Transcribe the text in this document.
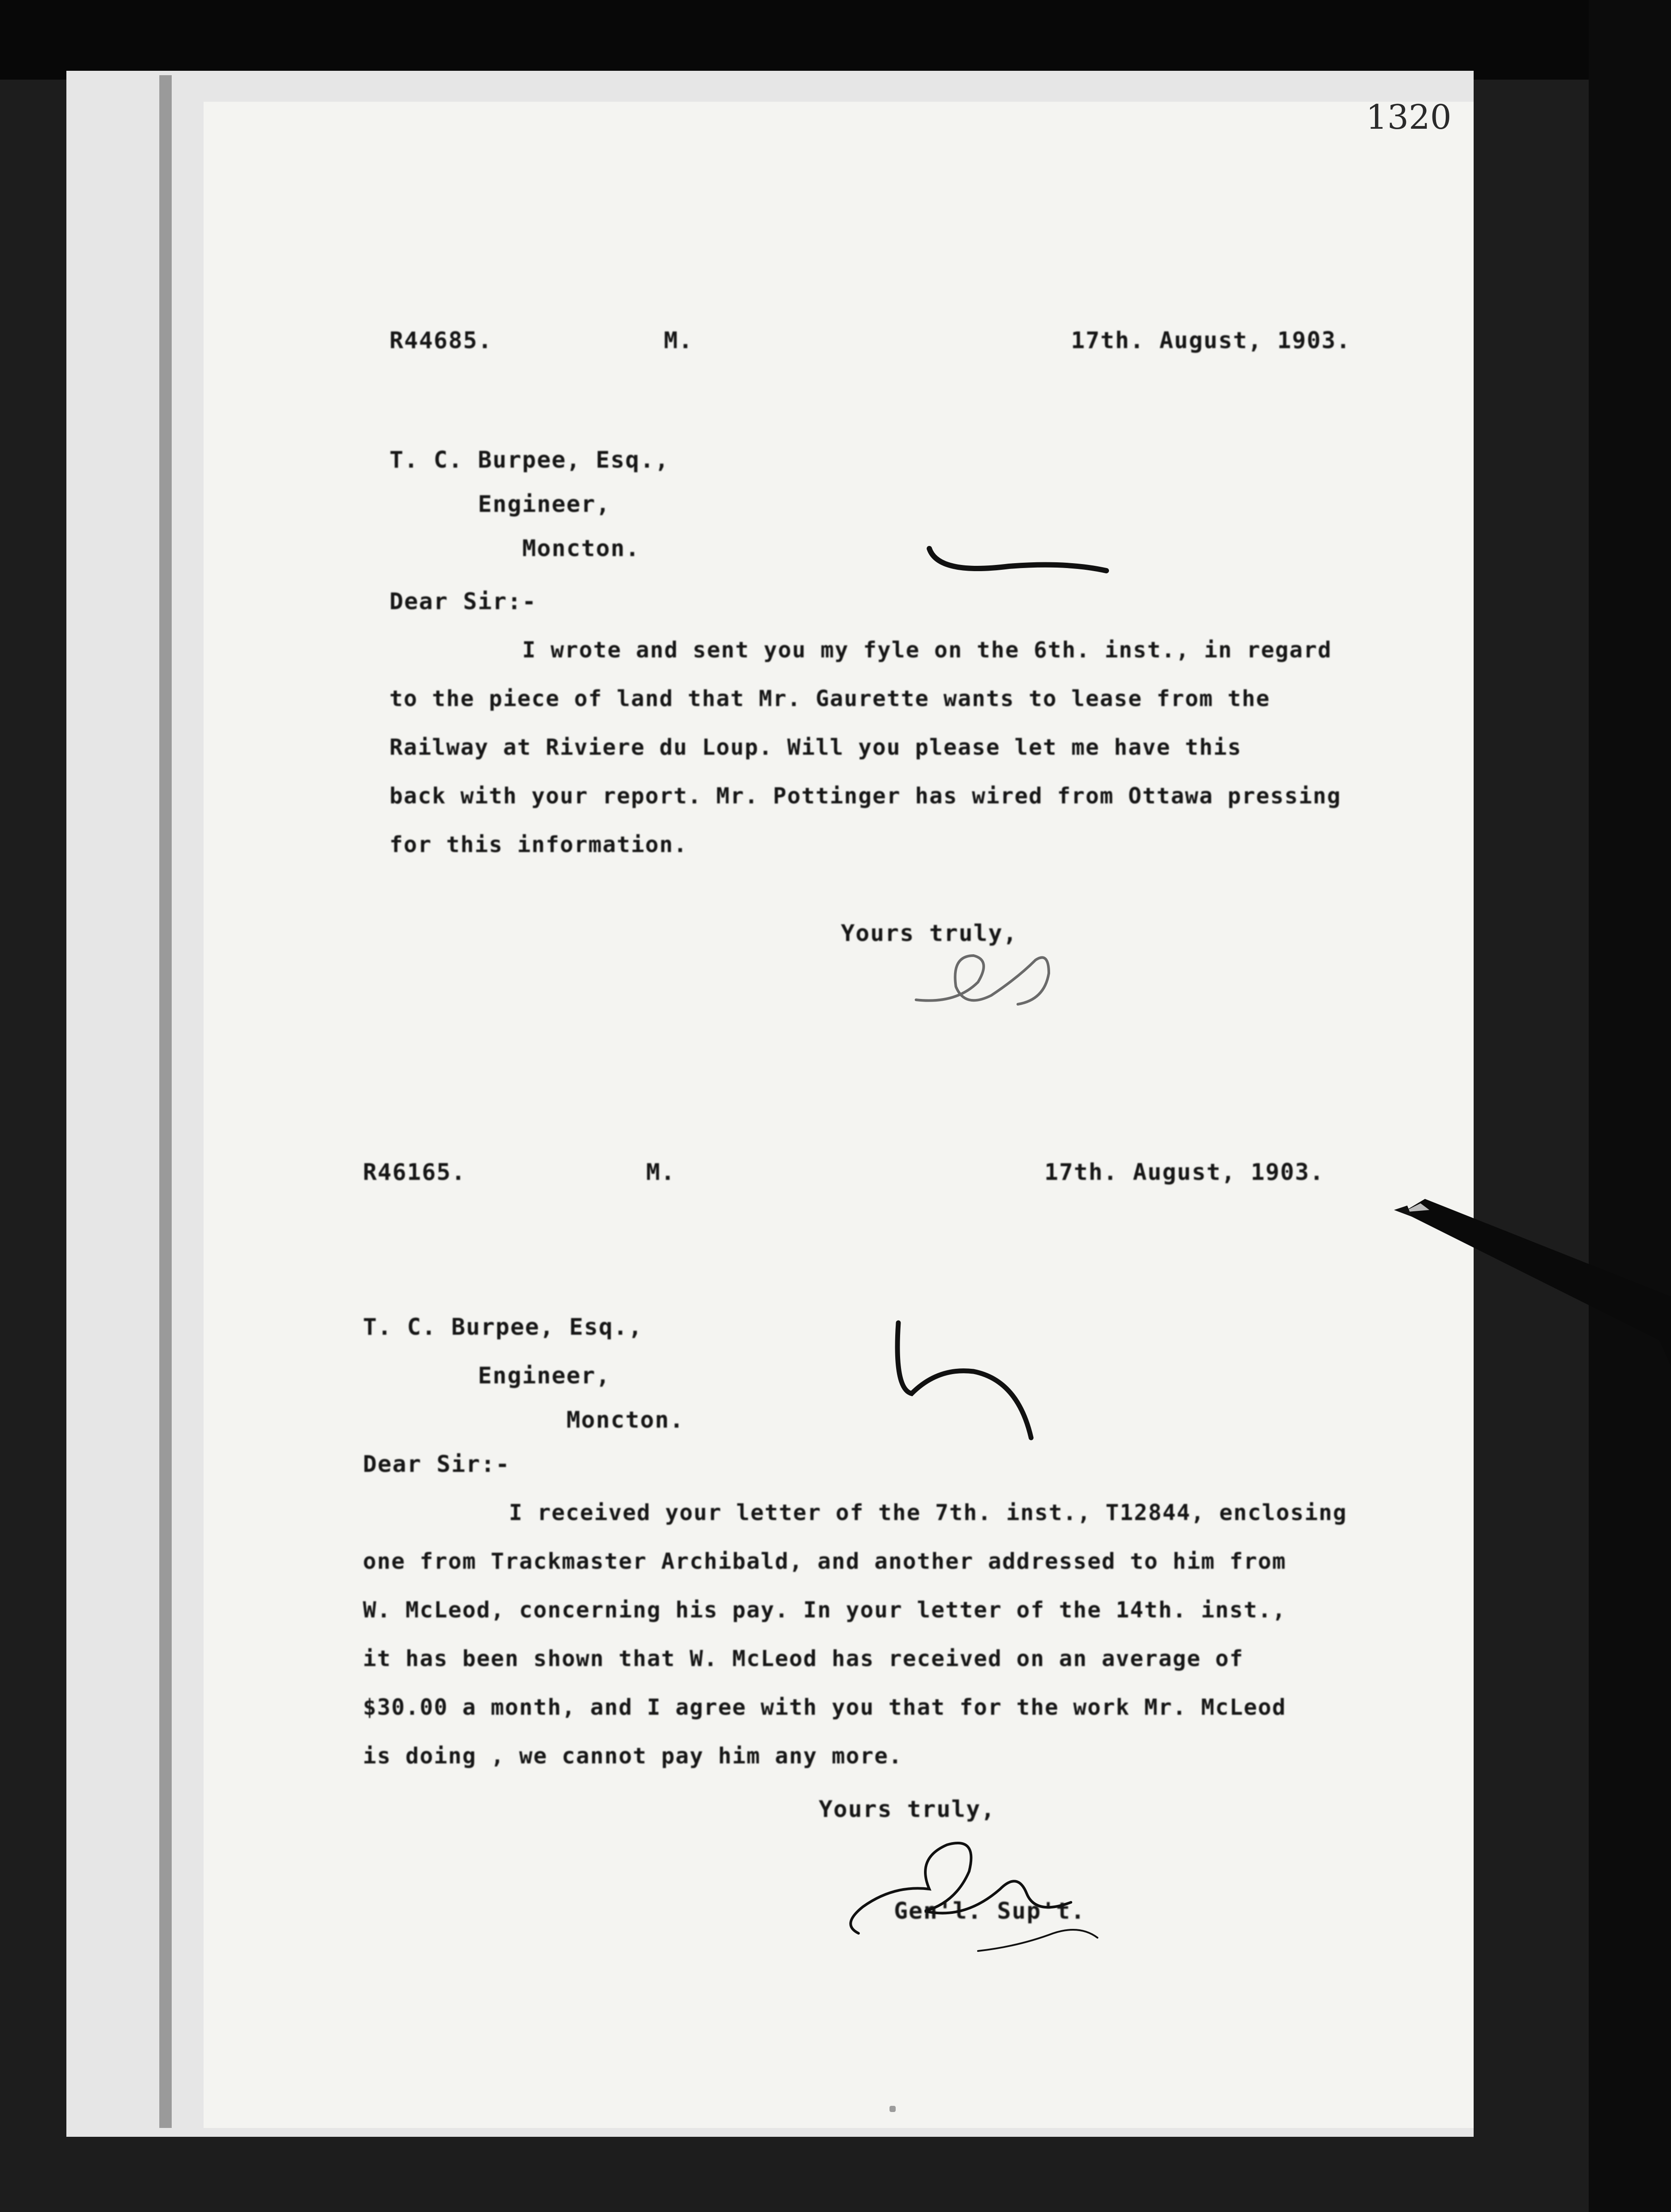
R44685.	M.	17th. August, 1903.
T. C. Burpee, Esq.,
Engineer,
Moncton.
Dear Sir:-
I wrote and sent you my fyle on the 6th. inst., in regard
to the piece of land that Mr. Gaurette wants to lease from the
Railway at Riviere du Loup. Will you please let me have this
back with your report. Mr. Pottinger has wired from Ottawa pressing
for this information.
Yours truly,
R46165.	M.	17th. August, 1903.
T. C. Burpee, Esq.,
Engineer,
Moncton.
Dear Sir:-
I received your letter of the 7th. inst., T12844, enclosing
one from Trackmaster Archibald, and another addressed to him from
W. McLeod, concerning his pay. In your letter of the 14th. inst.,
it has been shown that W. McLeod has received on an average of
$30.00 a month, and I agree with you that for the work Mr. McLeod
is doing , we cannot pay him any more.
Yours truly,
Gen'l. Sup't.
1320
